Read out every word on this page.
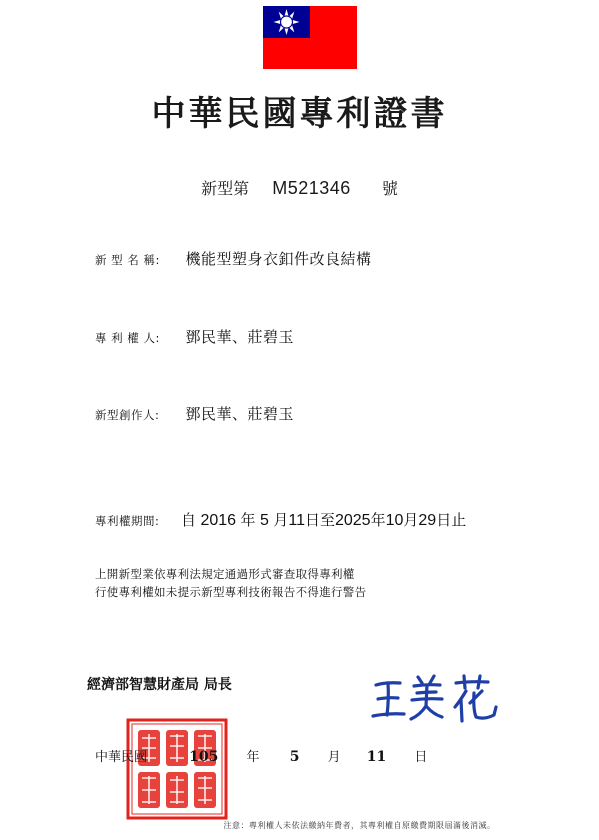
中華民國專利證書
新型第 M521346 號
新 型 名 稱: 機能型塑身衣釦件改良結構
專 利 權 人: 鄧民華、莊碧玉
新型創作人: 鄧民華、莊碧玉
專利權期間: 自 2016 年 5 月11日至2025年10月29日止
上開新型業依專利法規定通過形式審查取得專利權
行使專利權如未提示新型專利技術報告不得進行警告
經濟部智慧財產局 局長
中華民國	105 年 5 月 11 日
注意：專利權人未依法繳納年費者，其專利權自原繳費期限屆滿後消滅。
